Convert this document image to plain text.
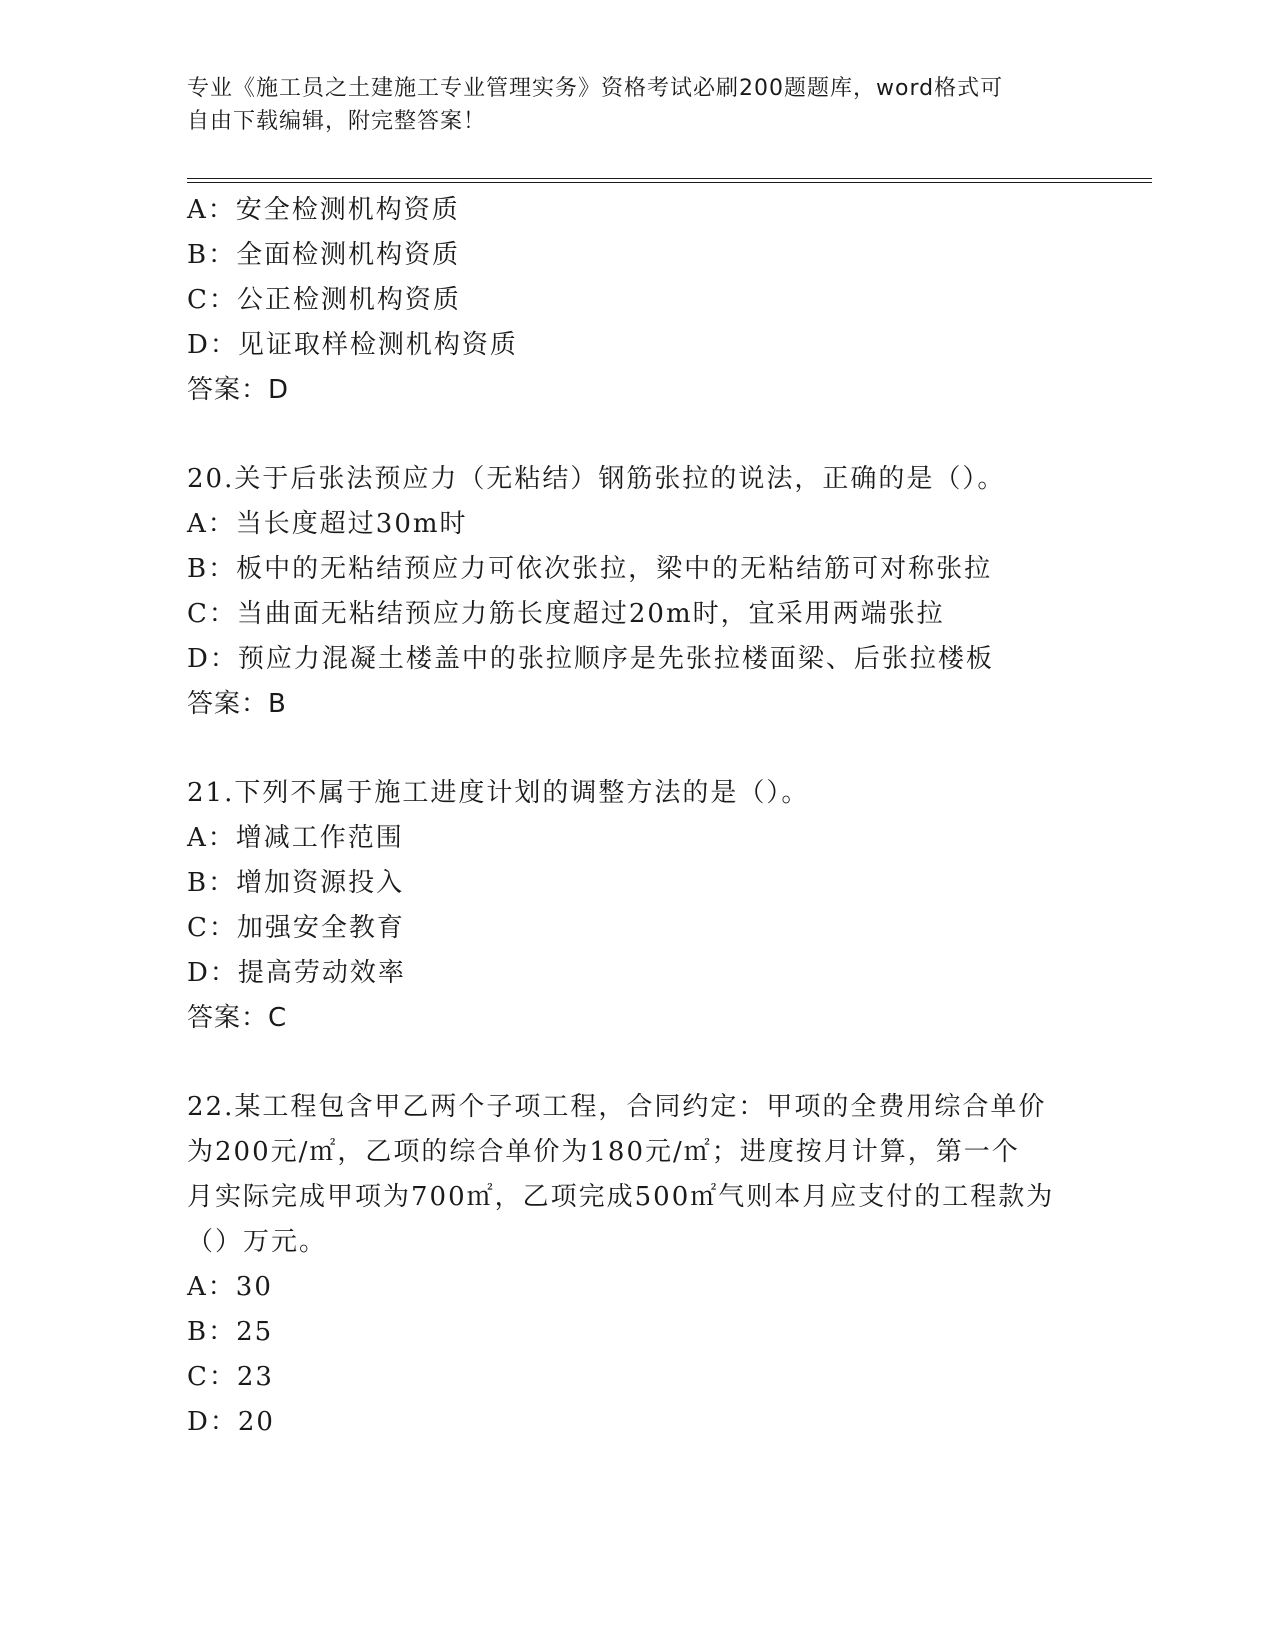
专业《施工员之土建施工专业管理实务》资格考试必刷200题题库，word格式可
自由下载编辑，附完整答案！
A：安全检测机构资质
B：全面检测机构资质
C：公正检测机构资质
D：见证取样检测机构资质
答案：D
20.关于后张法预应力（无粘结）钢筋张拉的说法，正确的是（）。
A：当长度超过30m时
B：板中的无粘结预应力可依次张拉，梁中的无粘结筋可对称张拉
C：当曲面无粘结预应力筋长度超过20m时，宜采用两端张拉
D：预应力混凝土楼盖中的张拉顺序是先张拉楼面梁、后张拉楼板
答案：B
21.下列不属于施工进度计划的调整方法的是（）。
A：增减工作范围
B：增加资源投入
C：加强安全教育
D：提高劳动效率
答案：C
22.某工程包含甲乙两个子项工程，合同约定：甲项的全费用综合单价
为200元/㎡，乙项的综合单价为180元/㎡；进度按月计算，第一个
月实际完成甲项为700㎡，乙项完成500㎡气则本月应支付的工程款为
（）万元。
A：30
B：25
C：23
D：20
